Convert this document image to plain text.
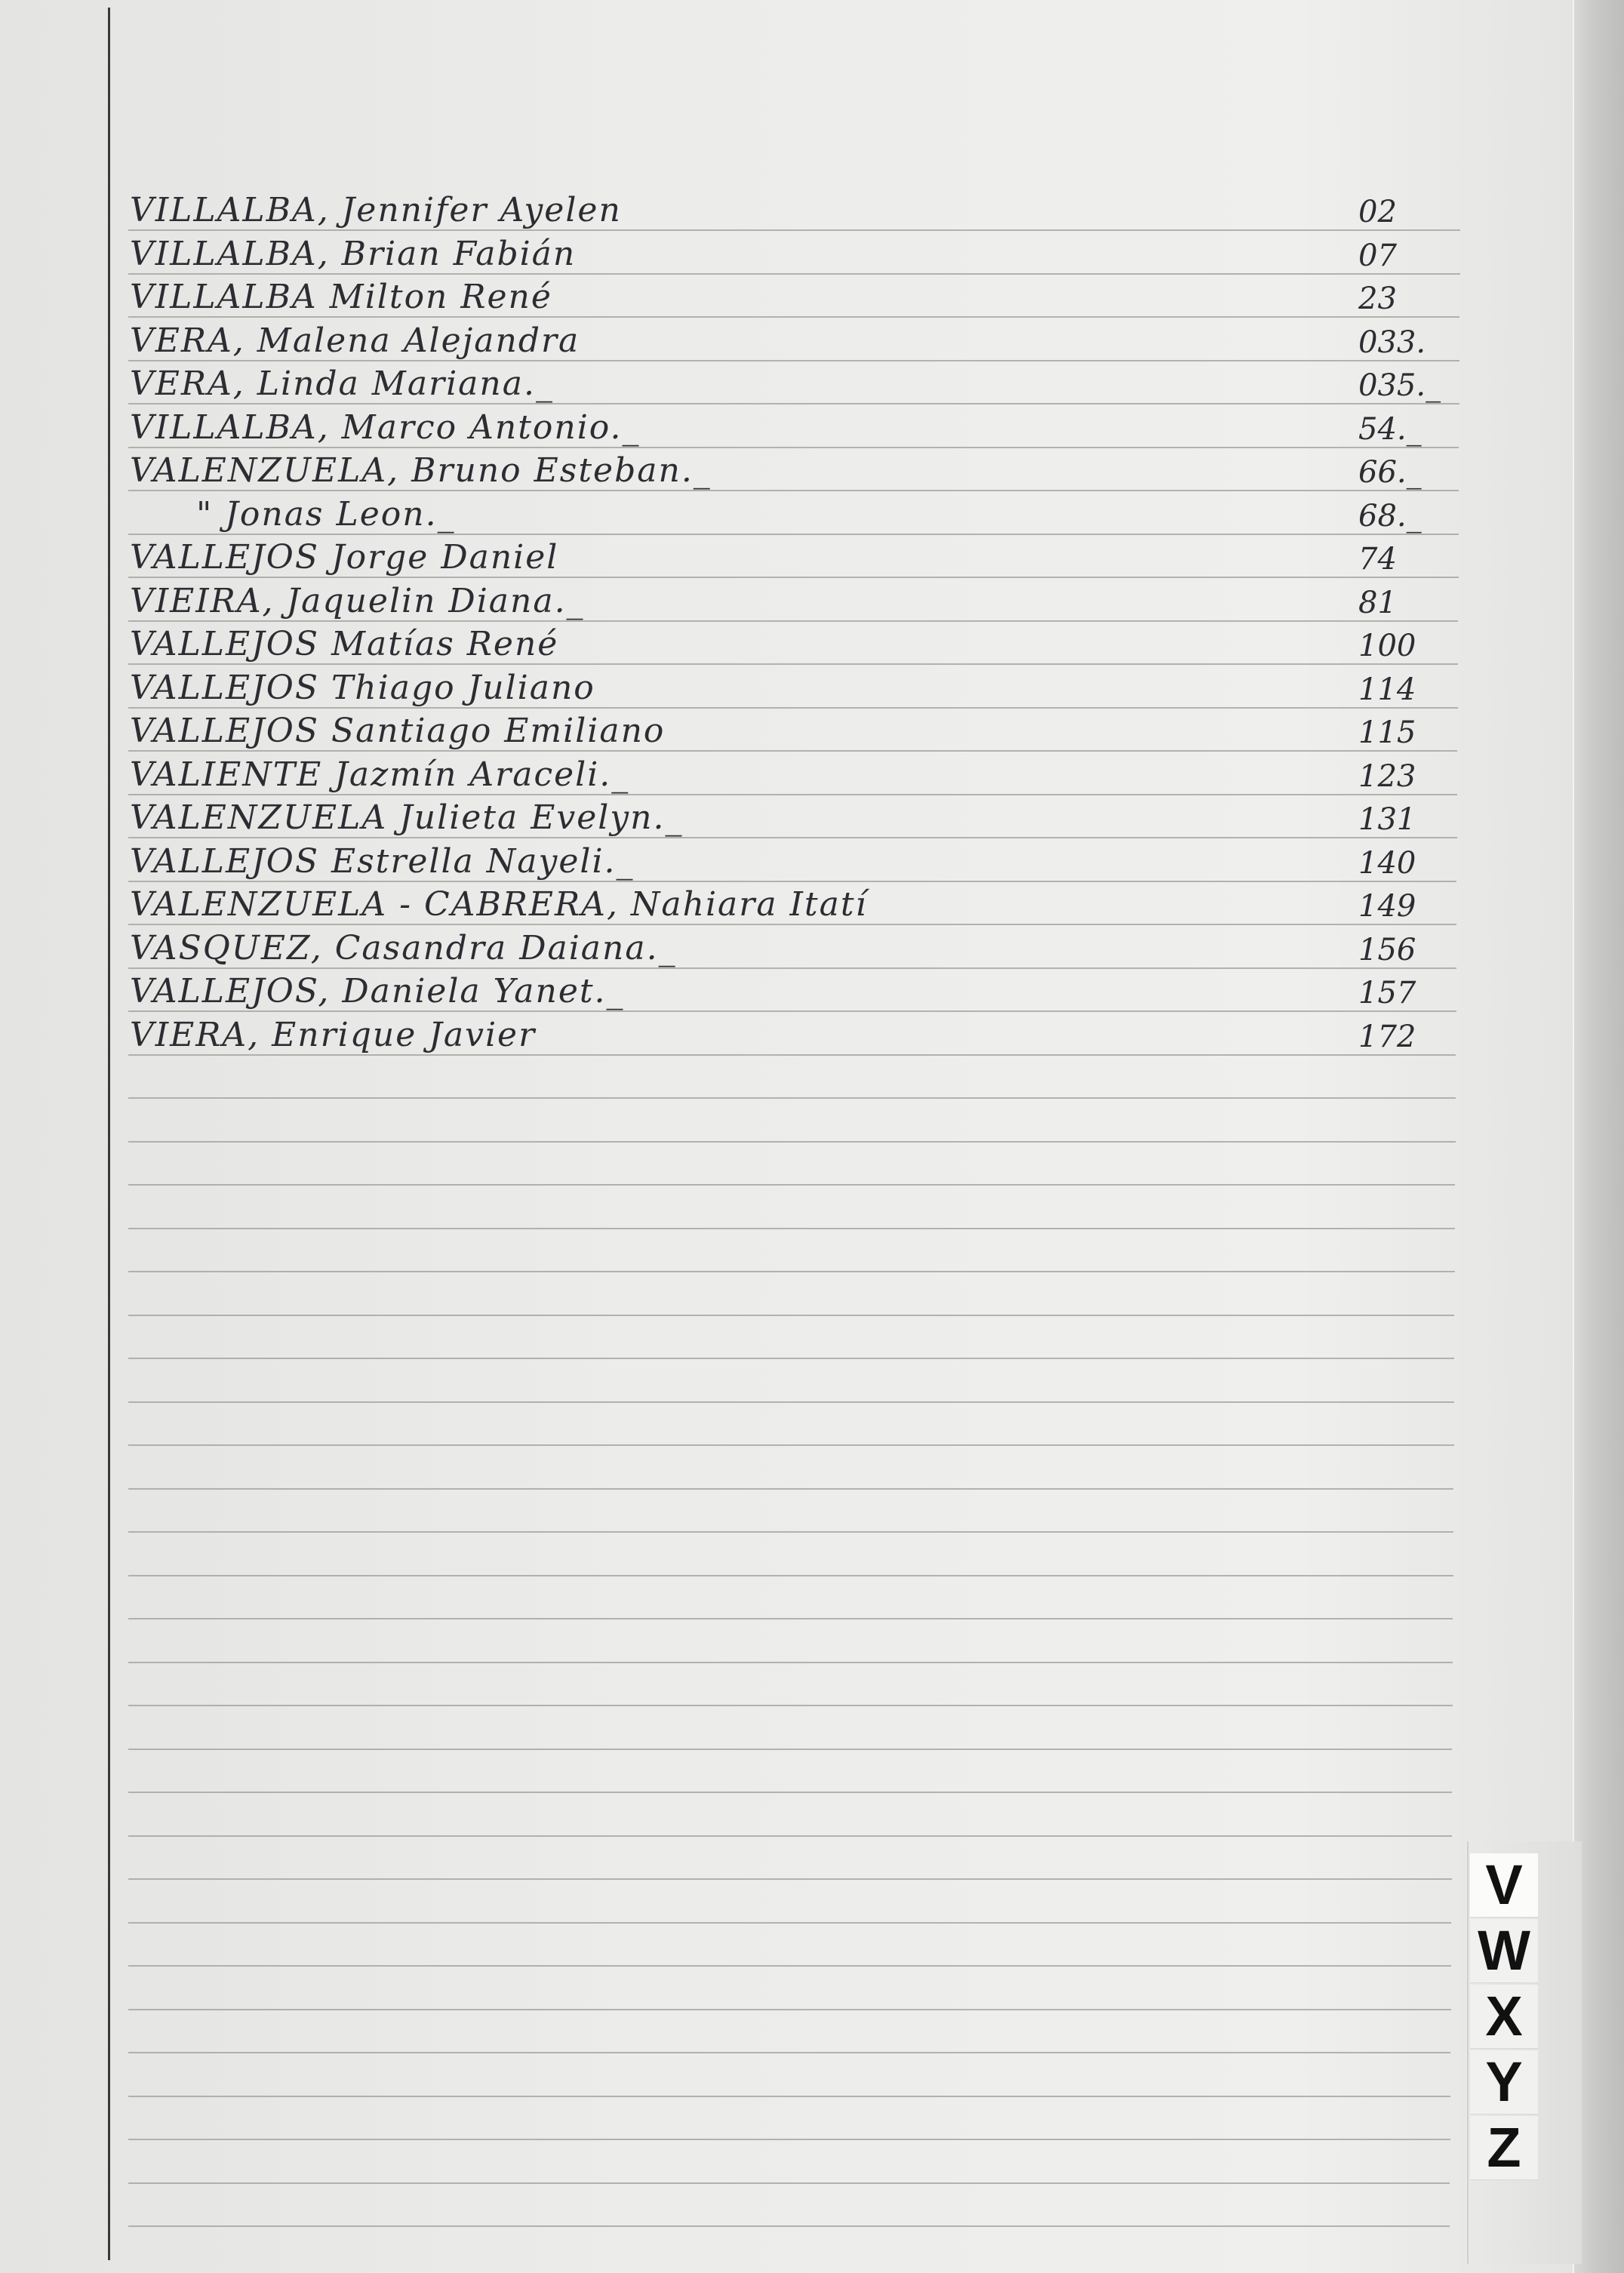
VILLALBA, Jennifer Ayelen	02
VILLALBA, Brian Fabián	07
VILLALBA Milton René	23
VERA, Malena Alejandra	033.
VERA, Linda Mariana._	035._
VILLALBA, Marco Antonio._	54._
VALENZUELA, Bruno Esteban._	66._
" Jonas Leon._	68._
VALLEJOS Jorge Daniel	74
VIEIRA, Jaquelin Diana._	81
VALLEJOS Matías René	100
VALLEJOS Thiago Juliano	114
VALLEJOS Santiago Emiliano	115
VALIENTE Jazmín Araceli._	123
VALENZUELA Julieta Evelyn._	131
VALLEJOS Estrella Nayeli._	140
VALENZUELA - CABRERA, Nahiara Itatí	149
VASQUEZ, Casandra Daiana._	156
VALLEJOS, Daniela Yanet._	157
VIERA, Enrique Javier	172
V
W
X
Y
Z
